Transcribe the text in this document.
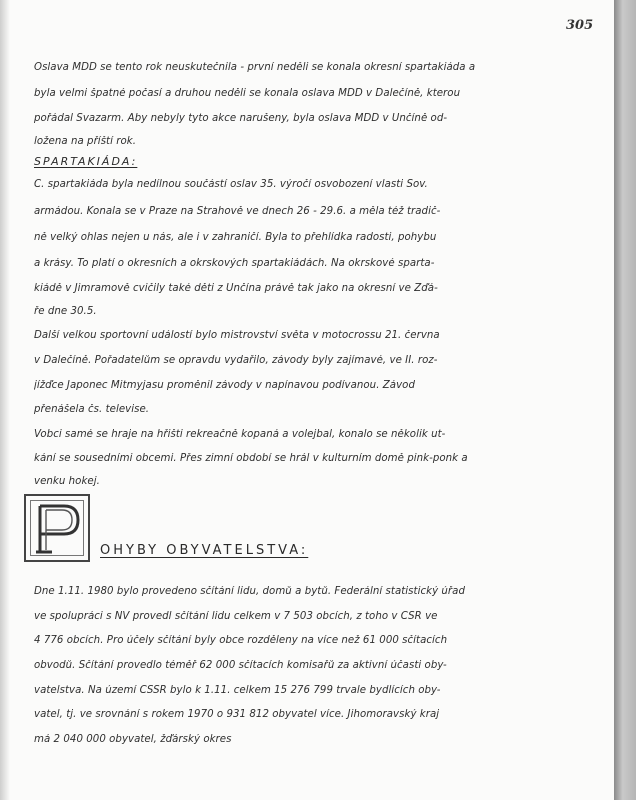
305
Oslava MDD se tento rok neuskutečnila - první neděli se konala okresní spartakiáda a
byla velmi špatné počasí a druhou neděli se konala oslava MDD v Dalečíně, kterou
pořádal Svazarm. Aby nebyly tyto akce narušeny, byla oslava MDD v Unčíně od-
ložena na příští rok.
SPARTAKIÁDA:
Č. spartakiáda byla nedílnou součástí oslav 35. výročí osvobození vlasti Sov.
armádou. Konala se v Praze na Strahově ve dnech 26 - 29.6. a měla též tradič-
ně velký ohlas nejen u nás, ale i v zahraničí. Byla to přehlídka radosti, pohybu
a krásy. To platí o okresních a okrskových spartakiádách. Na okrskové sparta-
kiádě v Jimramově cvičily také děti z Unčína právě tak jako na okresní ve Žďá-
ře dne 30.5.
Další velkou sportovní událostí bylo mistrovství světa v motocrossu 21. června
v Dalečíně. Pořadatelům se opravdu vydařilo, závody byly zajímavé, ve II. roz-
jížďce Japonec Mitmyjasu proměnil závody v napínavou podívanou. Závod
přenášela čs. televise.
Vobci samé se hraje na hřišti rekreačně kopaná a volejbal, konalo se několik ut-
kání se sousedními obcemi. Přes zimní období se hrál v kulturním domě pink-ponk a
venku hokej.
P
OHYBY OBYVATELSTVA:
Dne 1.11. 1980 bylo provedeno sčítání lidu, domů a bytů. Federální statistický úřad
ve spolupráci s NV provedl sčítání lidu celkem v 7 503 obcích, z toho v ČSR ve
4 776 obcích. Pro účely sčítání byly obce rozděleny na více než 61 000 sčítacích
obvodů. Sčítání provedlo téměř 62 000 sčítacích komisařů za aktivní účasti oby-
vatelstva. Na území ČSSR bylo k 1.11. celkem 15 276 799 trvale bydlících oby-
vatel, tj. ve srovnání s rokem 1970 o 931 812 obyvatel více. Jihomoravský kraj
má 2 040 000 obyvatel, žďárský okres
